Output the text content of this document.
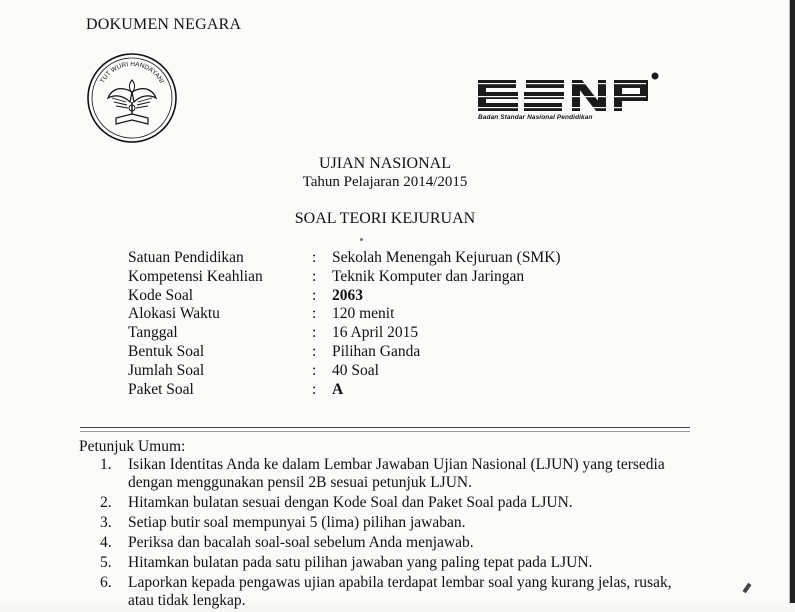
DOKUMEN NEGARA
TUT WURI HANDAYANI
Badan Standar Nasional Pendidikan
UJIAN NASIONAL
Tahun Pelajaran 2014/2015
SOAL TEORI KEJURUAN
Satuan Pendidikan	: Sekolah Menengah Kejuruan (SMK)
Kompetensi Keahlian	: Teknik Komputer dan Jaringan
Kode Soal	: 2063
Alokasi Waktu	: 120 menit
Tanggal	: 16 April 2015
Bentuk Soal	: Pilihan Ganda
Jumlah Soal	: 40 Soal
Paket Soal	: A
Petunjuk Umum:
1. Isikan Identitas Anda ke dalam Lembar Jawaban Ujian Nasional (LJUN) yang tersedia dengan menggunakan pensil 2B sesuai petunjuk LJUN.
2. Hitamkan bulatan sesuai dengan Kode Soal dan Paket Soal pada LJUN.
3. Setiap butir soal mempunyai 5 (lima) pilihan jawaban.
4. Periksa dan bacalah soal-soal sebelum Anda menjawab.
5. Hitamkan bulatan pada satu pilihan jawaban yang paling tepat pada LJUN.
6. Laporkan kepada pengawas ujian apabila terdapat lembar soal yang kurang jelas, rusak, atau tidak lengkap.
